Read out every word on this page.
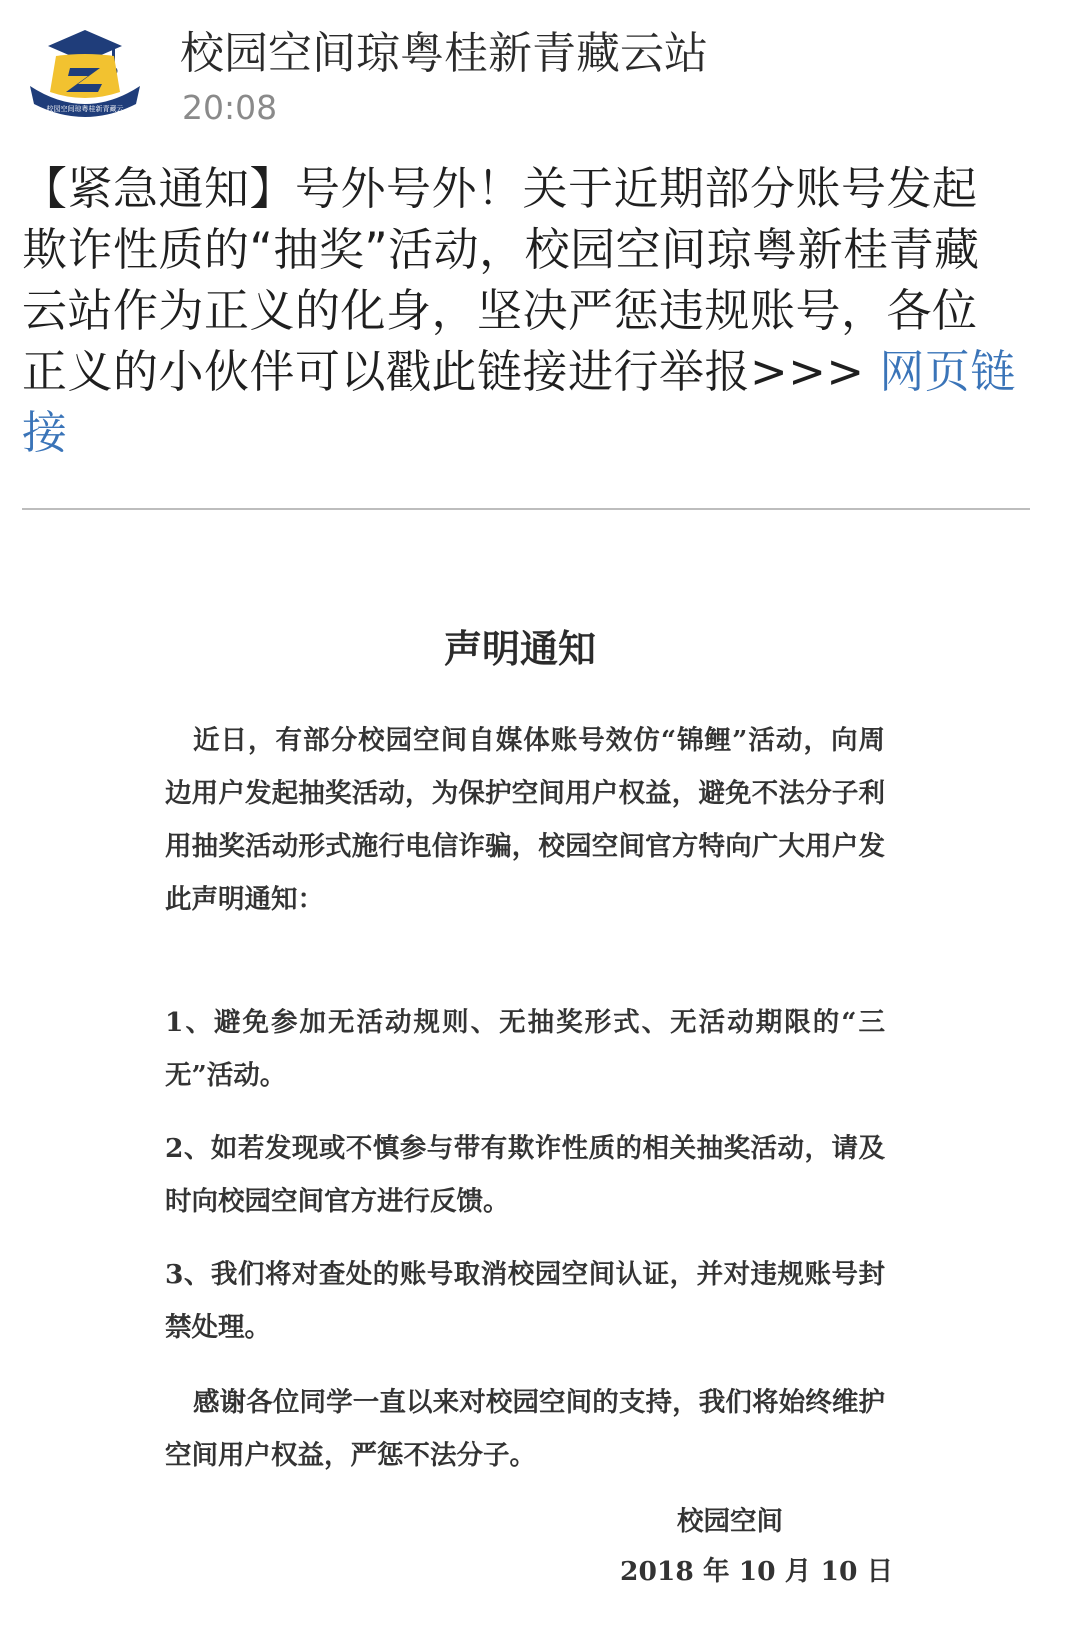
校园空间琼粤桂新青藏云
校园空间琼粤桂新青藏云站
20:08
【紧急通知】号外号外！关于近期部分账号发起欺诈性质的“抽奖”活动，校园空间琼粤新桂青藏云站作为正义的化身，坚决严惩违规账号，各位正义的小伙伴可以戳此链接进行举报>>> 网页链接
声明通知
近日，有部分校园空间自媒体账号效仿“锦鲤”活动，向周边用户发起抽奖活动，为保护空间用户权益，避免不法分子利用抽奖活动形式施行电信诈骗，校园空间官方特向广大用户发此声明通知：
1、避免参加无活动规则、无抽奖形式、无活动期限的“三无”活动。
2、如若发现或不慎参与带有欺诈性质的相关抽奖活动，请及时向校园空间官方进行反馈。
3、我们将对查处的账号取消校园空间认证，并对违规账号封禁处理。
感谢各位同学一直以来对校园空间的支持，我们将始终维护空间用户权益，严惩不法分子。
校园空间
2018 年 10 月 10 日
